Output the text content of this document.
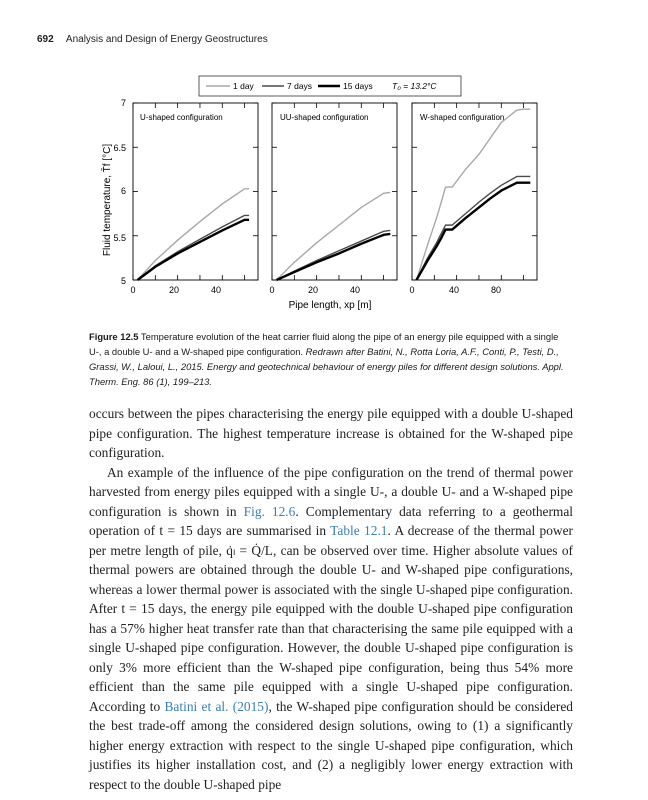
692 Analysis and Design of Energy Geostructures
1 day	7 days	15 days T₀ = 13.2°C
Fluid temperature, T̄f [°C]
Pipe length, xp [m]
5
5.5
6
6.5
7
U-shaped configuration
0	20	40
UU-shaped configuration
0	20	40
W-shaped configuration
0	40	80
Figure 12.5 Temperature evolution of the heat carrier fluid along the pipe of an energy pile equipped with a single U-, a double U- and a W-shaped pipe configuration. Redrawn after Batini, N., Rotta Loria, A.F., Conti, P., Testi, D., Grassi, W., Laloui, L., 2015. Energy and geotechnical behaviour of energy piles for different design solutions. Appl. Therm. Eng. 86 (1), 199–213.

occurs between the pipes characterising the energy pile equipped with a double U-shaped pipe configuration. The highest temperature increase is obtained for the W-shaped pipe configuration.

An example of the influence of the pipe configuration on the trend of thermal power harvested from energy piles equipped with a single U-, a double U- and a W-shaped pipe configuration is shown in Fig. 12.6. Complementary data referring to a geothermal operation of t = 15 days are summarised in Table 12.1. A decrease of the thermal power per metre length of pile, q̇ₗ = Q̇/L, can be observed over time. Higher absolute values of thermal powers are obtained through the double U- and W-shaped pipe configurations, whereas a lower thermal power is associated with the single U-shaped pipe configuration. After t = 15 days, the energy pile equipped with the double U-shaped pipe configuration has a 57% higher heat transfer rate than that characterising the same pile equipped with a single U-shaped pipe configuration. However, the double U-shaped pipe configuration is only 3% more efficient than the W-shaped pipe configuration, being thus 54% more efficient than the same pile equipped with a single U-shaped pipe configuration. According to Batini et al. (2015), the W-shaped pipe configuration should be considered the best trade-off among the considered design solutions, owing to (1) a significantly higher energy extraction with respect to the single U-shaped pipe configuration, which justifies its higher installation cost, and (2) a negligibly lower energy extraction with respect to the double U-shaped pipe
